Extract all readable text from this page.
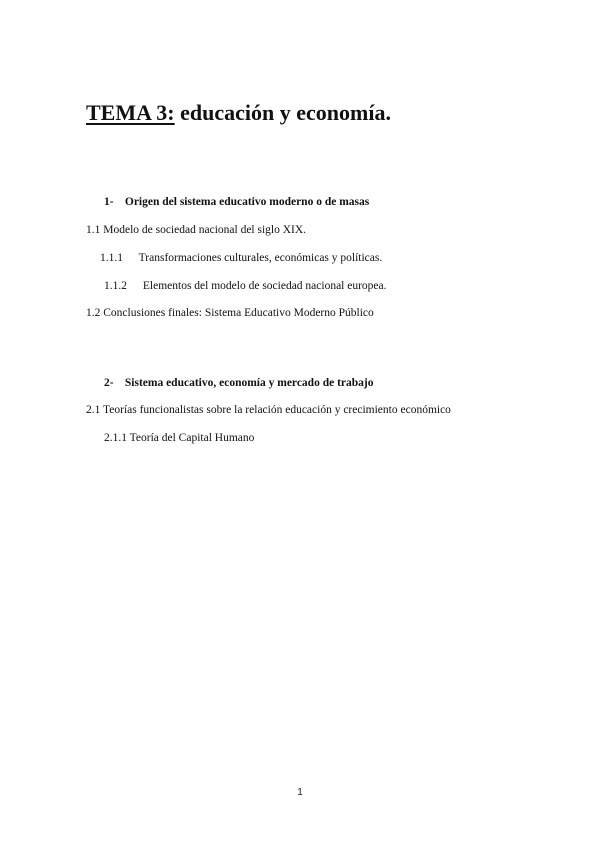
TEMA 3: educación y economía.
1- Origen del sistema educativo moderno o de masas
1.1 Modelo de sociedad nacional del siglo XIX.
1.1.1 Transformaciones culturales, económicas y políticas.
1.1.2 Elementos del modelo de sociedad nacional europea.
1.2 Conclusiones finales: Sistema Educativo Moderno Público
2- Sistema educativo, economía y mercado de trabajo
2.1 Teorías funcionalistas sobre la relación educación y crecimiento económico
2.1.1 Teoría del Capital Humano
1
